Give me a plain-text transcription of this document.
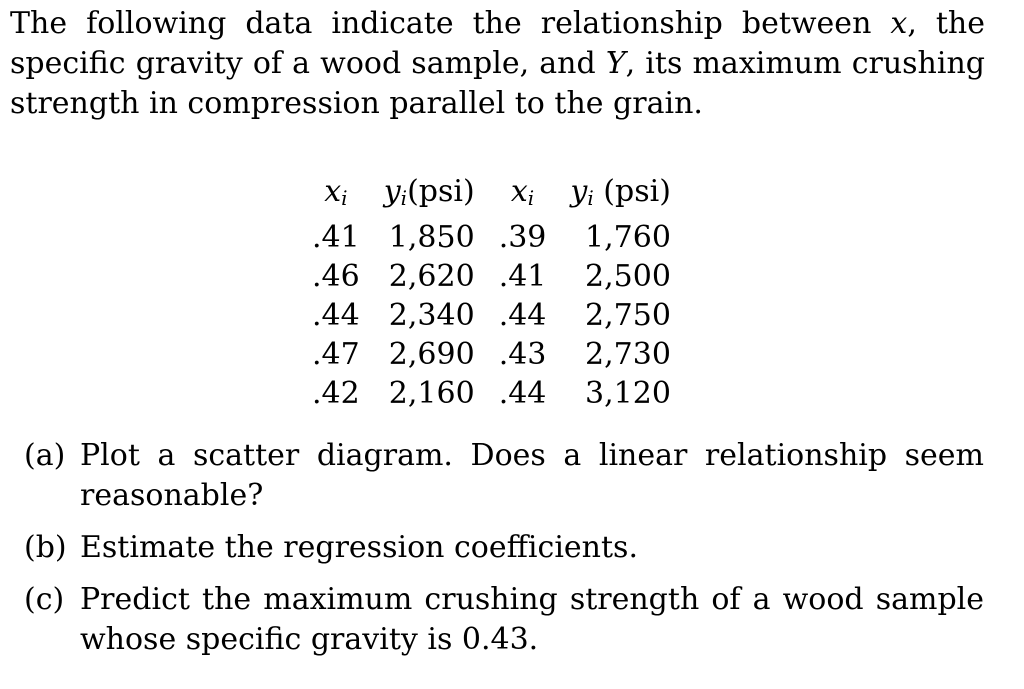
The following data indicate the relationship between x, the specific gravity of a wood sample, and Y, its maximum crushing strength in compression parallel to the grain.

xi	yi(psi)	xi	yi (psi)
.41	1,850	.39	1,760
.46	2,620	.41	2,500
.44	2,340	.44	2,750
.47	2,690	.43	2,730
.42	2,160	.44	3,120
(a) Plot a scatter diagram. Does a linear relationship seem reasonable?
(b) Estimate the regression coefficients.
(c) Predict the maximum crushing strength of a wood sample whose specific gravity is 0.43.
